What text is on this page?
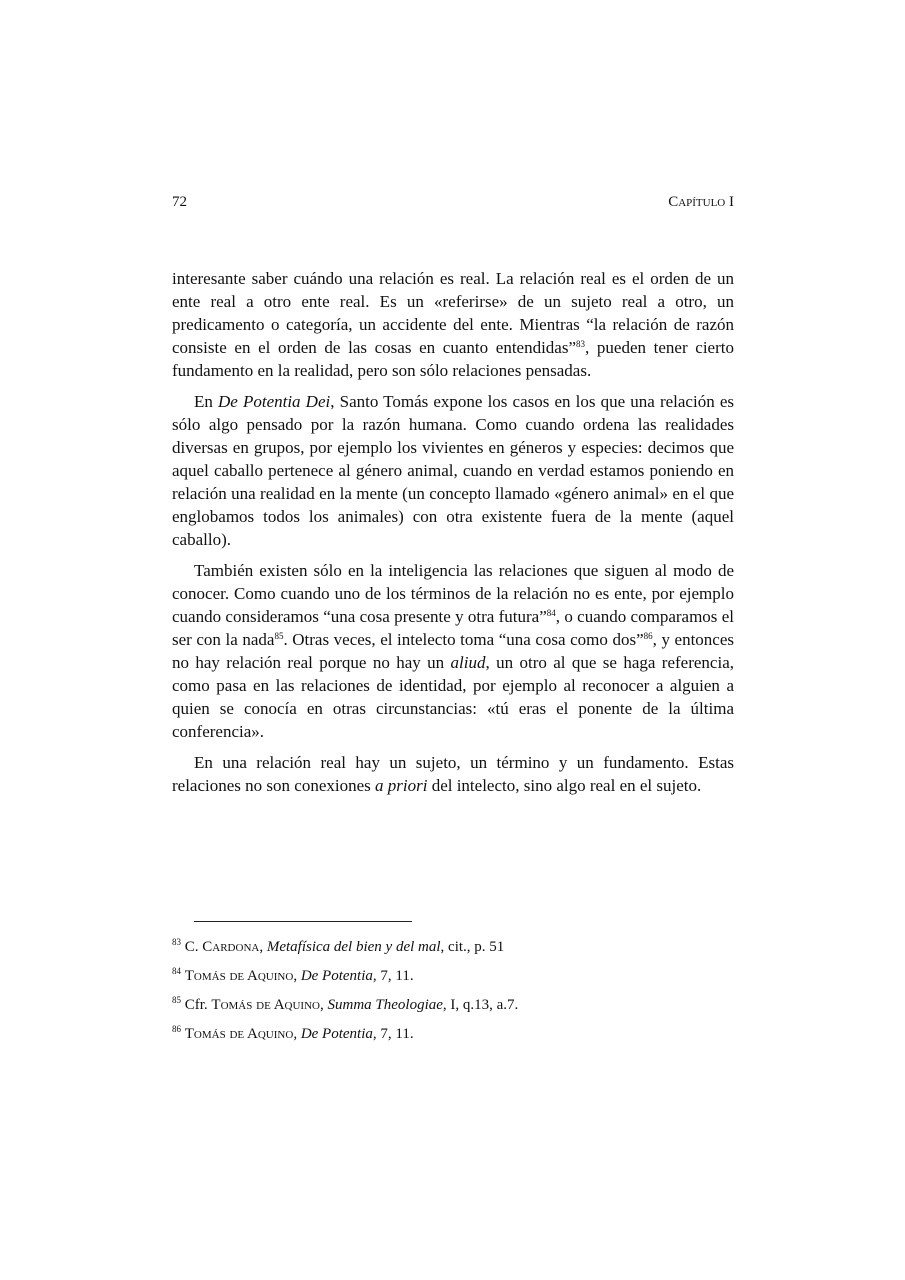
72	Capítulo I

interesante saber cuándo una relación es real. La relación real es el orden de un ente real a otro ente real. Es un «referirse» de un sujeto real a otro, un predicamento o categoría, un accidente del ente. Mientras “la relación de razón consiste en el orden de las cosas en cuanto entendidas”$^{83}$, pueden tener cierto fundamento en la realidad, pero son sólo relaciones pensadas.

En De Potentia Dei, Santo Tomás expone los casos en los que una relación es sólo algo pensado por la razón humana. Como cuando ordena las realidades diversas en grupos, por ejemplo los vivientes en géneros y especies: decimos que aquel caballo pertenece al género animal, cuando en verdad estamos poniendo en relación una realidad en la mente (un concepto llamado «género animal» en el que englobamos todos los animales) con otra existente fuera de la mente (aquel caballo).

También existen sólo en la inteligencia las relaciones que siguen al modo de conocer. Como cuando uno de los términos de la relación no es ente, por ejemplo cuando consideramos “una cosa presente y otra futura”$^{84}$, o cuando comparamos el ser con la nada$^{85}$. Otras veces, el intelecto toma “una cosa como dos”$^{86}$, y entonces no hay relación real porque no hay un aliud, un otro al que se haga referencia, como pasa en las relaciones de identidad, por ejemplo al reconocer a alguien a quien se conocía en otras circunstancias: «tú eras el ponente de la última conferencia».

En una relación real hay un sujeto, un término y un fundamento. Estas relaciones no son conexiones a priori del intelecto, sino algo real en el sujeto.

$^{83}$ C. Cardona, Metafísica del bien y del mal, cit., p. 51
$^{84}$ Tomás de Aquino, De Potentia, 7, 11.
$^{85}$ Cfr. Tomás de Aquino, Summa Theologiae, I, q.13, a.7.
$^{86}$ Tomás de Aquino, De Potentia, 7, 11.
